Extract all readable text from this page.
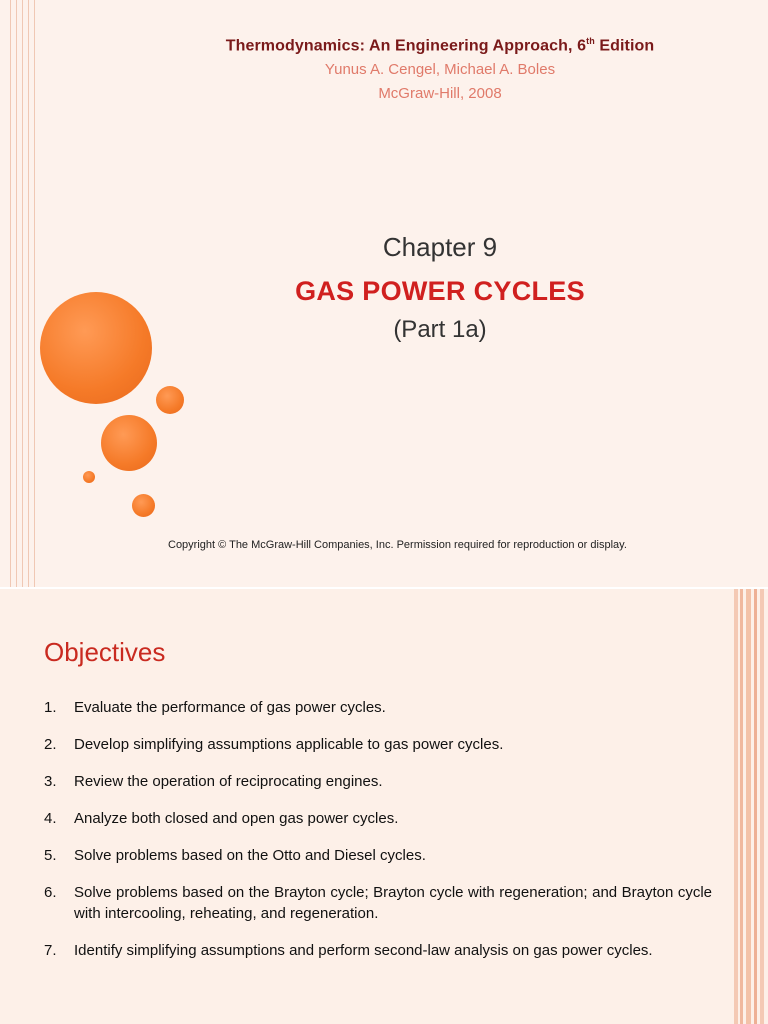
Thermodynamics: An Engineering Approach, 6th Edition
Yunus A. Cengel, Michael A. Boles
McGraw-Hill, 2008
Chapter 9
GAS POWER CYCLES
(Part 1a)
Copyright © The McGraw-Hill Companies, Inc. Permission required for reproduction or display.
Objectives
1.	Evaluate the performance of gas power cycles.
2.	Develop simplifying assumptions applicable to gas power cycles.
3.	Review the operation of reciprocating engines.
4.	Analyze both closed and open gas power cycles.
5.	Solve problems based on the Otto and Diesel cycles.
6.	Solve problems based on the Brayton cycle; Brayton cycle with regeneration; and Brayton cycle with intercooling, reheating, and regeneration.
7.	Identify simplifying assumptions and perform second-law analysis on gas power cycles.
